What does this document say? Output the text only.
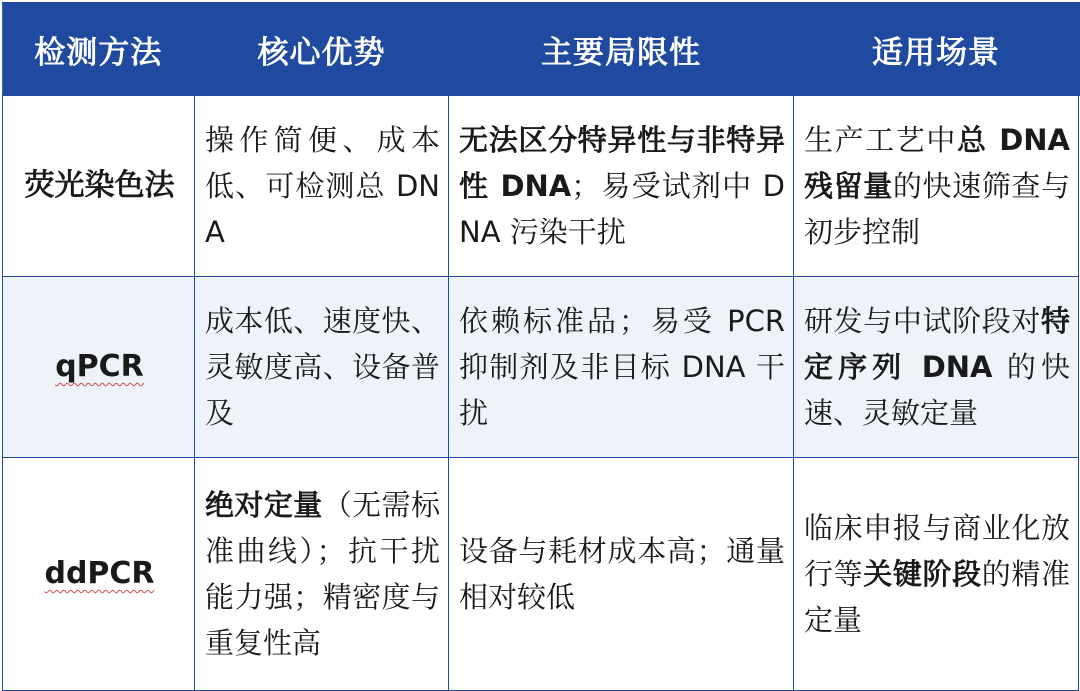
检测方法	核心优势	主要局限性	适用场景
荧光染色法	操作简便、成本低、可检测总 DNA	无法区分特异性与非特异性 DNA；易受试剂中 DNA 污染干扰	生产工艺中总 DNA 残留量的快速筛查与初步控制
qPCR	成本低、速度快、灵敏度高、设备普及	依赖标准品；易受 PCR 抑制剂及非目标 DNA 干扰	研发与中试阶段对特定序列 DNA 的快速、灵敏定量
ddPCR	绝对定量（无需标准曲线）；抗干扰能力强；精密度与重复性高	设备与耗材成本高；通量相对较低	临床申报与商业化放行等关键阶段的精准定量
